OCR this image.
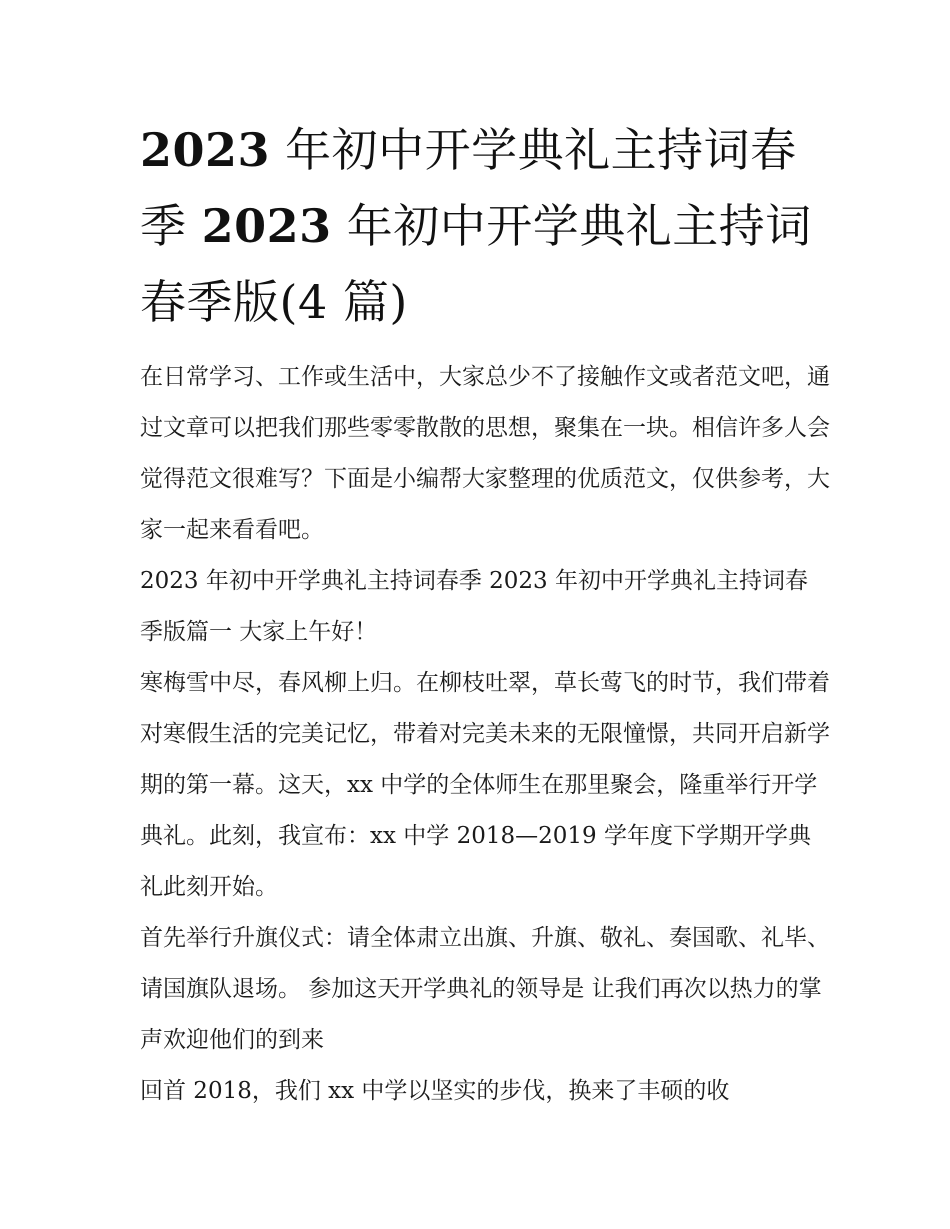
2023 年初中开学典礼主持词春季 2023 年初中开学典礼主持词春季版(4 篇)

在日常学习、工作或生活中，大家总少不了接触作文或者范文吧，通过文章可以把我们那些零零散散的思想，聚集在一块。相信许多人会觉得范文很难写？下面是小编帮大家整理的优质范文，仅供参考，大家一起来看看吧。

2023 年初中开学典礼主持词春季 2023 年初中开学典礼主持词春季版篇一 大家上午好！

寒梅雪中尽，春风柳上归。在柳枝吐翠，草长莺飞的时节，我们带着对寒假生活的完美记忆，带着对完美未来的无限憧憬，共同开启新学期的第一幕。这天，xx 中学的全体师生在那里聚会，隆重举行开学典礼。此刻，我宣布：xx 中学 2018—2019 学年度下学期开学典礼此刻开始。

首先举行升旗仪式：请全体肃立出旗、升旗、敬礼、奏国歌、礼毕、请国旗队退场。 参加这天开学典礼的领导是 让我们再次以热力的掌声欢迎他们的到来

回首 2018，我们 xx 中学以坚实的步伐，换来了丰硕的收
